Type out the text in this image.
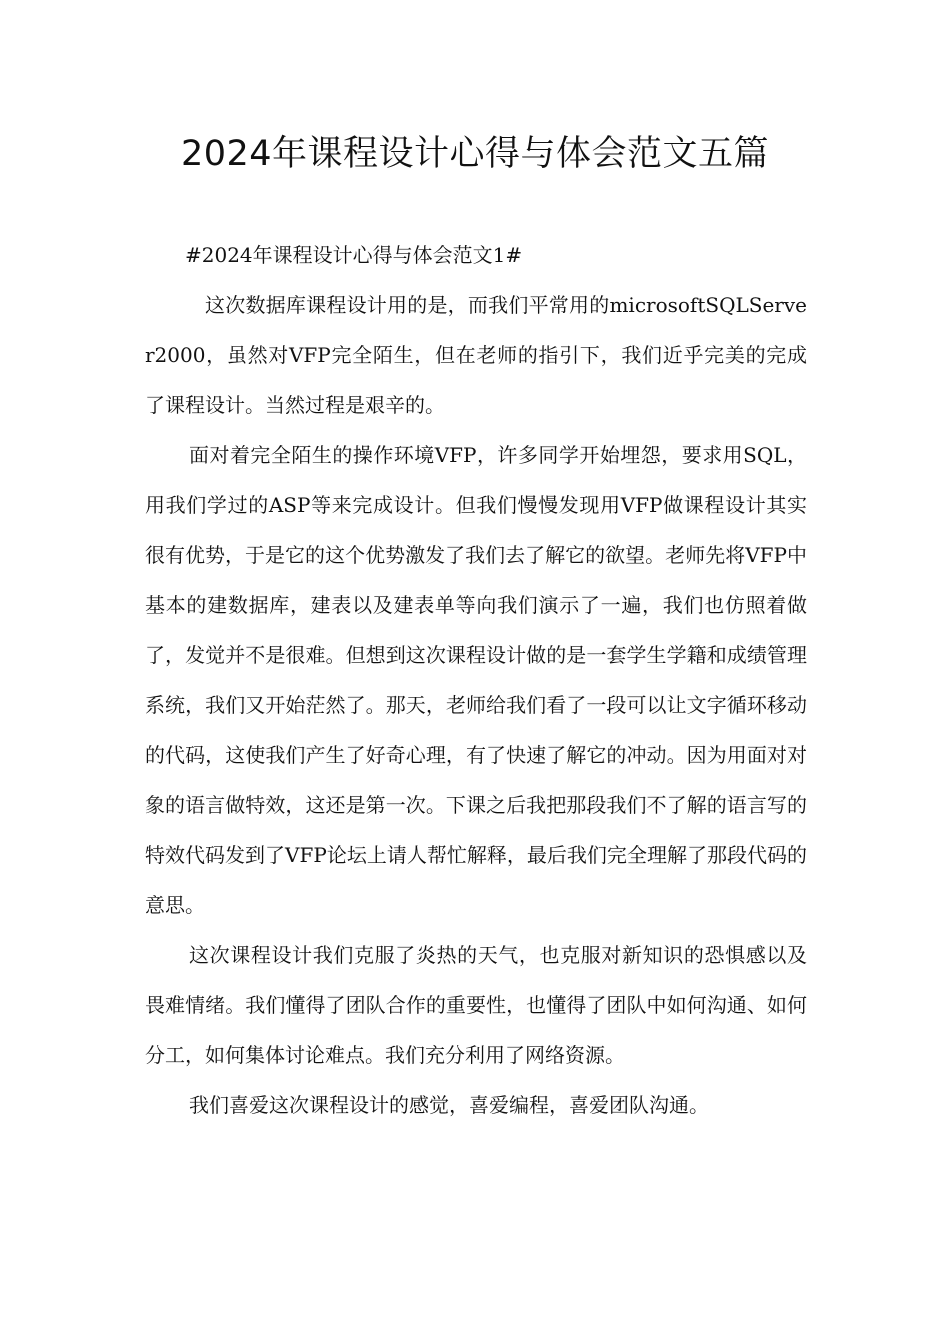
2024年课程设计心得与体会范文五篇
#2024年课程设计心得与体会范文1#

这次数据库课程设计用的是，而我们平常用的microsoftSQLServer2000，虽然对VFP完全陌生，但在老师的指引下，我们近乎完美的完成了课程设计。当然过程是艰辛的。

面对着完全陌生的操作环境VFP，许多同学开始埋怨，要求用SQL，用我们学过的ASP等来完成设计。但我们慢慢发现用VFP做课程设计其实很有优势，于是它的这个优势激发了我们去了解它的欲望。老师先将VFP中基本的建数据库，建表以及建表单等向我们演示了一遍，我们也仿照着做了，发觉并不是很难。但想到这次课程设计做的是一套学生学籍和成绩管理系统，我们又开始茫然了。那天，老师给我们看了一段可以让文字循环移动的代码，这使我们产生了好奇心理，有了快速了解它的冲动。因为用面对对象的语言做特效，这还是第一次。下课之后我把那段我们不了解的语言写的特效代码发到了VFP论坛上请人帮忙解释，最后我们完全理解了那段代码的意思。

这次课程设计我们克服了炎热的天气，也克服对新知识的恐惧感以及畏难情绪。我们懂得了团队合作的重要性，也懂得了团队中如何沟通、如何分工，如何集体讨论难点。我们充分利用了网络资源。

我们喜爱这次课程设计的感觉，喜爱编程，喜爱团队沟通。
